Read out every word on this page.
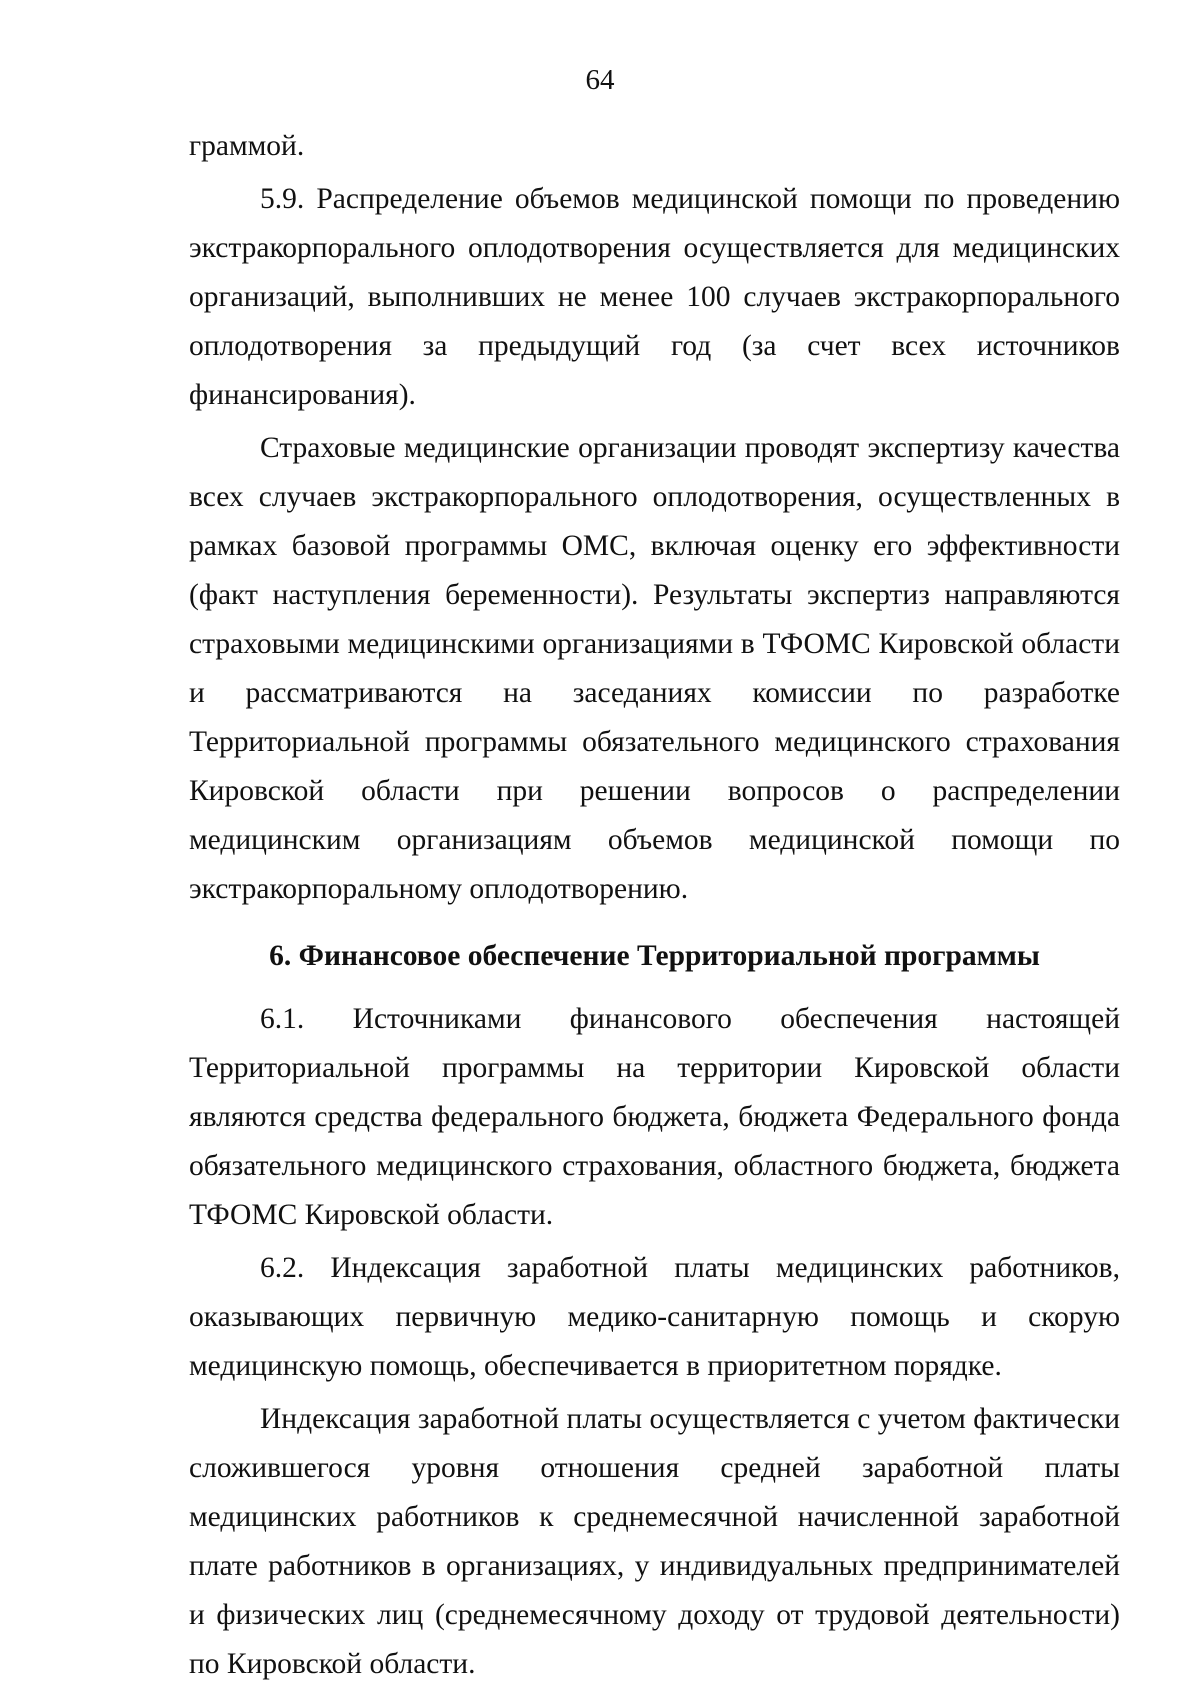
64

граммой.

5.9. Распределение объемов медицинской помощи по проведению экстракорпорального оплодотворения осуществляется для медицинских организаций, выполнивших не менее 100 случаев экстракорпорального оплодотворения за предыдущий год (за счет всех источников финансирования).

Страховые медицинские организации проводят экспертизу качества всех случаев экстракорпорального оплодотворения, осуществленных в рамках базовой программы ОМС, включая оценку его эффективности (факт наступления беременности). Результаты экспертиз направляются страховыми медицинскими организациями в ТФОМС Кировской области и рассматриваются на заседаниях комиссии по разработке Территориальной программы обязательного медицинского страхования Кировской области при решении вопросов о распределении медицинским организациям объемов медицинской помощи по экстракорпоральному оплодотворению.

6. Финансовое обеспечение Территориальной программы

6.1. Источниками финансового обеспечения настоящей Территориальной программы на территории Кировской области являются средства федерального бюджета, бюджета Федерального фонда обязательного медицинского страхования, областного бюджета, бюджета ТФОМС Кировской области.

6.2. Индексация заработной платы медицинских работников, оказывающих первичную медико-санитарную помощь и скорую медицинскую помощь, обеспечивается в приоритетном порядке.

Индексация заработной платы осуществляется с учетом фактически сложившегося уровня отношения средней заработной платы медицинских работников к среднемесячной начисленной заработной плате работников в организациях, у индивидуальных предпринимателей и физических лиц (среднемесячному доходу от трудовой деятельности) по Кировской области.
